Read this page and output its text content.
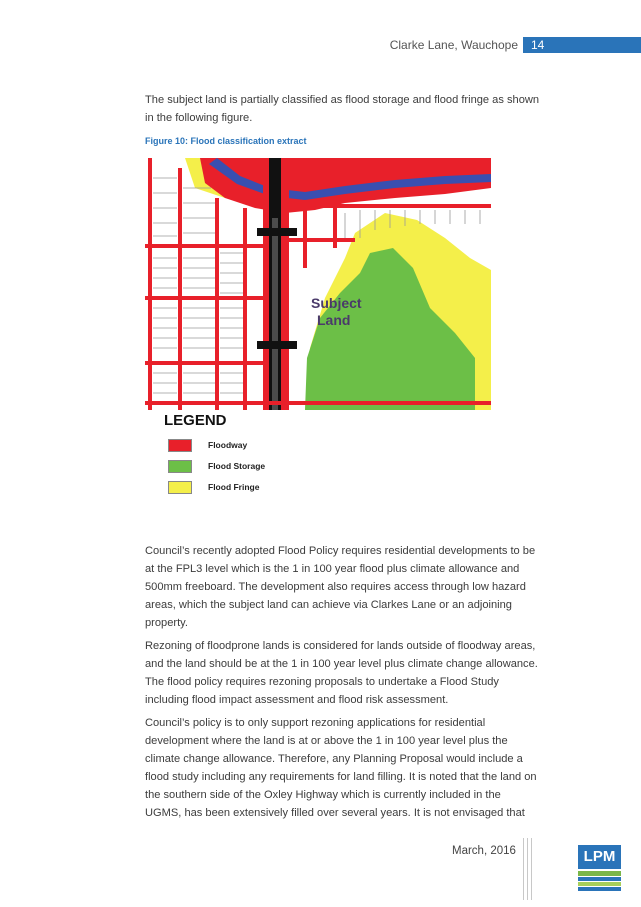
Clarke Lane, Wauchope	14

The subject land is partially classified as flood storage and flood fringe as shown in the following figure.

Figure 10: Flood classification extract
Subject
Land
LEGEND
Floodway
Flood Storage
Flood Fringe

Council’s recently adopted Flood Policy requires residential developments to be at the FPL3 level which is the 1 in 100 year flood plus climate allowance and 500mm freeboard. The development also requires access through low hazard areas, which the subject land can achieve via Clarkes Lane or an adjoining property.

Rezoning of floodprone lands is considered for lands outside of floodway areas, and the land should be at the 1 in 100 year level plus climate change allowance. The flood policy requires rezoning proposals to undertake a Flood Study including flood impact assessment and flood risk assessment.

Council’s policy is to only support rezoning applications for residential development where the land is at or above the 1 in 100 year level plus the climate change allowance. Therefore, any Planning Proposal would include a flood study including any requirements for land filling. It is noted that the land on the southern side of the Oxley Highway which is currently included in the UGMS, has been extensively filled over several years. It is not envisaged that

March, 2016	LPM
